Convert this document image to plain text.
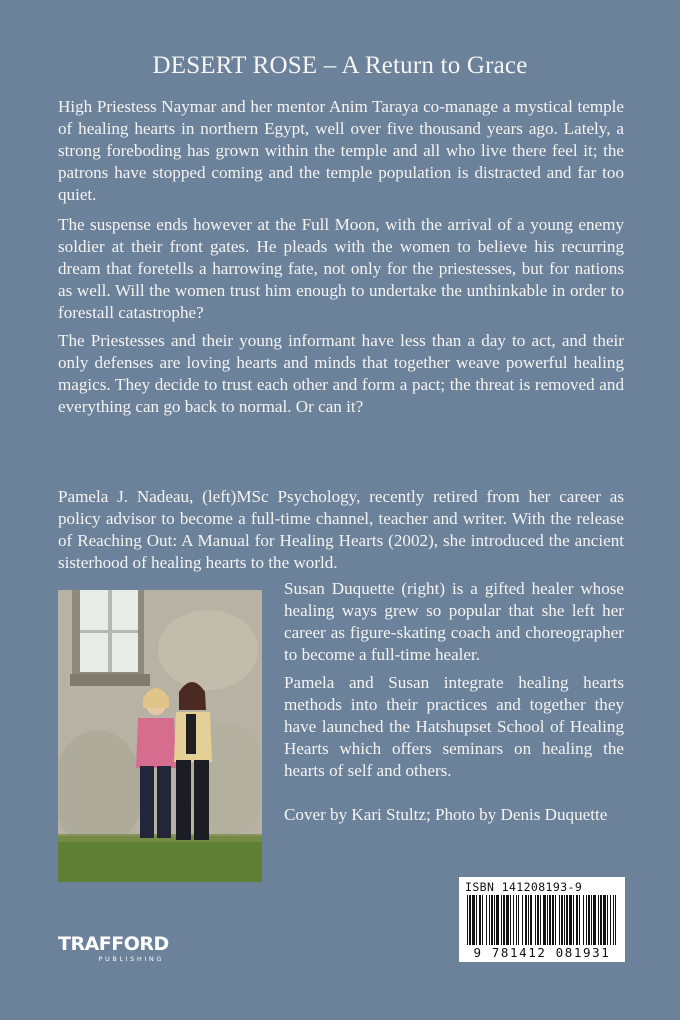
DESERT ROSE – A Return to Grace

High Priestess Naymar and her mentor Anim Taraya co-manage a mystical temple of healing hearts in northern Egypt, well over five thousand years ago. Lately, a strong foreboding has grown within the temple and all who live there feel it; the patrons have stopped coming and the temple population is distracted and far too quiet.

The suspense ends however at the Full Moon, with the arrival of a young enemy soldier at their front gates. He pleads with the women to believe his recurring dream that foretells a harrowing fate, not only for the priestesses, but for nations as well. Will the women trust him enough to undertake the unthinkable in order to forestall catastrophe?

The Priestesses and their young informant have less than a day to act, and their only defenses are loving hearts and minds that together weave powerful healing magics. They decide to trust each other and form a pact; the threat is removed and everything can go back to normal. Or can it?

Pamela J. Nadeau, (left)MSc Psychology, recently retired from her career as policy advisor to become a full-time channel, teacher and writer. With the release of Reaching Out: A Manual for Healing Hearts (2002), she introduced the ancient sisterhood of healing hearts to the world.

Susan Duquette (right) is a gifted healer whose healing ways grew so popular that she left her career as figure-skating coach and choreographer to become a full-time healer.

Pamela and Susan integrate healing hearts methods into their practices and together they have launched the Hatshupset School of Healing Hearts which offers seminars on healing the hearts of self and others.

Cover by Kari Stultz; Photo by Denis Duquette

ISBN 141208193-9
9 781412 081931
TRAFFORD
PUBLISHING
